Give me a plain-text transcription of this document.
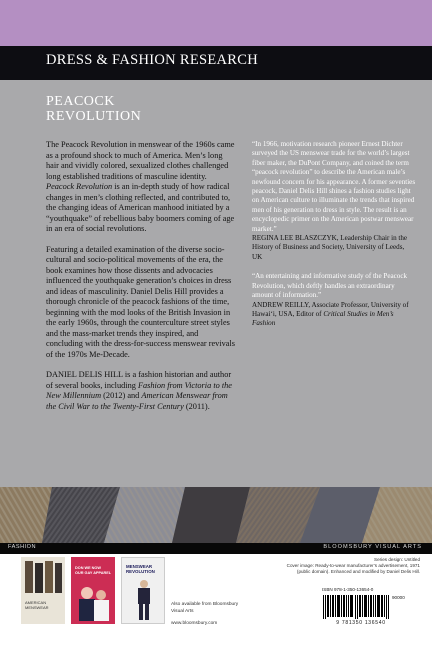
DRESS & FASHION RESEARCH
PEACOCK
REVOLUTION

The Peacock Revolution in menswear of the 1960s came as a profound shock to much of America. Men’s long hair and vividly colored, sexualized clothes challenged long established traditions of masculine identity. Peacock Revolution is an in-depth study of how radical changes in men’s clothing reflected, and contributed to, the changing ideas of American manhood initiated by a “youthquake” of rebellious baby boomers coming of age in an era of social revolutions.

Featuring a detailed examination of the diverse socio-cultural and socio-political movements of the era, the book examines how those dissents and advocacies influenced the youthquake generation’s choices in dress and ideas of masculinity. Daniel Delis Hill provides a thorough chronicle of the peacock fashions of the time, beginning with the mod looks of the British Invasion in the early 1960s, through the counterculture street styles and the mass-market trends they inspired, and concluding with the dress-for-success menswear revivals of the 1970s Me-Decade.

DANIEL DELIS HILL is a fashion historian and author of several books, including Fashion from Victoria to the New Millennium (2012) and American Menswear from the Civil War to the Twenty-First Century (2011).

“In 1966, motivation research pioneer Ernest Dichter surveyed the US menswear trade for the world’s largest fiber maker, the DuPont Company, and coined the term “peacock revolution” to describe the American male’s newfound concern for his appearance. A former seventies peacock, Daniel Delis Hill shines a fashion studies light on American culture to illuminate the trends that inspired men of his generation to dress in style. The result is an encyclopedic primer on the American postwar menswear market.”
REGINA LEE BLASZCZYK, Leadership Chair in the History of Business and Society, University of Leeds, UK
“An entertaining and informative study of the Peacock Revolution, which deftly handles an extraordinary amount of information.”
ANDREW REILLY, Associate Professor, University of Hawai‘i, USA, Editor of Critical Studies in Men’s Fashion
FASHION	BLOOMSBURY VISUAL ARTS
AMERICAN
MENSWEAR
DON WE NOW
OUR GAY APPAREL
MENSWEAR
REVOLUTION
Also available from Bloomsbury Visual Arts
www.bloomsbury.com
Series design: Untitled
Cover image: Ready-to-wear manufacturer’s advertisement, 1971
(public domain). Enhanced and modified by Daniel Delis Hill.
ISBN 978-1-350-13654-0
90000
9 781350 136540
